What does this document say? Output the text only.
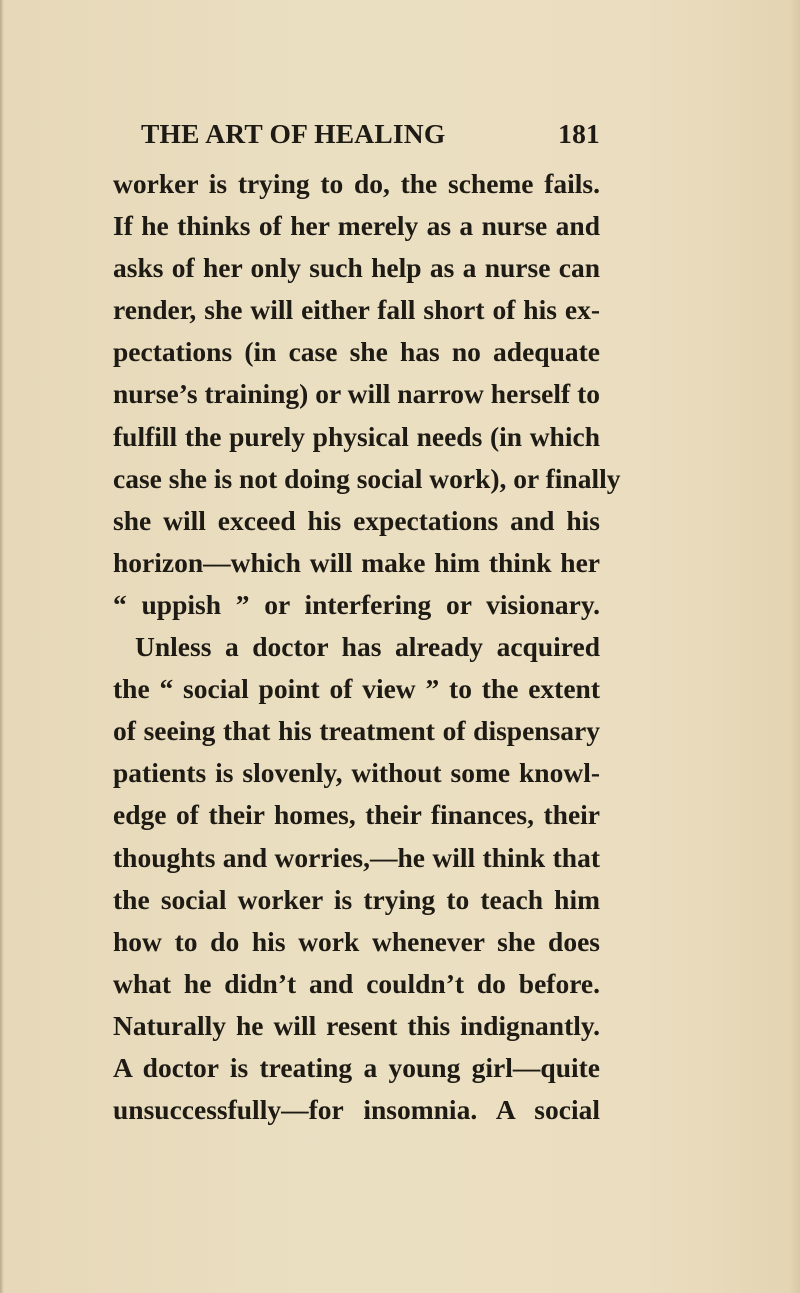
THE ART OF HEALING	181
worker is trying to do, the scheme fails.
If he thinks of her merely as a nurse and
asks of her only such help as a nurse can
render, she will either fall short of his ex-
pectations (in case she has no adequate
nurse’s training) or will narrow herself to
fulfill the purely physical needs (in which
case she is not doing social work), or finally
she will exceed his expectations and his
horizon—which will make him think her
“ uppish ” or interfering or visionary.
Unless a doctor has already acquired
the “ social point of view ” to the extent
of seeing that his treatment of dispensary
patients is slovenly, without some knowl-
edge of their homes, their finances, their
thoughts and worries,—he will think that
the social worker is trying to teach him
how to do his work whenever she does
what he didn’t and couldn’t do before.
Naturally he will resent this indignantly.
A doctor is treating a young girl—quite
unsuccessfully—for insomnia. A social
